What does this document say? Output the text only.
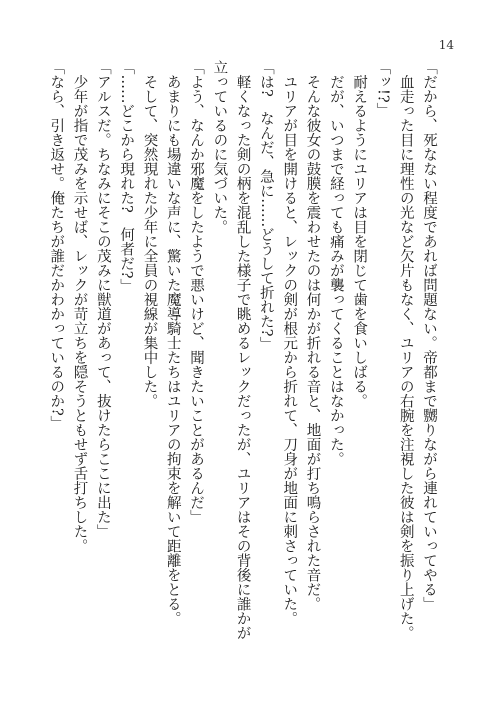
14
「だから、死なない程度であれば問題ない。帝都まで嬲りながら連れていってやる」
　血走った目に理性の光など欠片もなく、ユリアの右腕を注視した彼は剣を振り上げた。
「ッ!?」
　耐えるようにユリアは目を閉じて歯を食いしばる。
　だが、いつまで経っても痛みが襲ってくることはなかった。
　そんな彼女の鼓膜を震わせたのは何かが折れる音と、地面が打ち鳴らされた音だ。
　ユリアが目を開けると、レックの剣が根元から折れて、刀身が地面に刺さっていた。
「は?　なんだ、急に……どうして折れた?」
　軽くなった剣の柄を混乱した様子で眺めるレックだったが、ユリアはその背後に誰かが
立っているのに気づいた。
「よう、なんか邪魔をしたようで悪いけど、聞きたいことがあるんだ」
　あまりにも場違いな声に、驚いた魔導騎士たちはユリアの拘束を解いて距離をとる。
　そして、突然現れた少年に全員の視線が集中した。
「……どこから現れた?　何者だ?」
「アルスだ。ちなみにそこの茂みに獣道があって、抜けたらここに出た」
　少年が指で茂みを示せば、レックが苛立ちを隠そうともせず舌打ちした。
「なら、引き返せ。俺たちが誰だかわかっているのか?」
